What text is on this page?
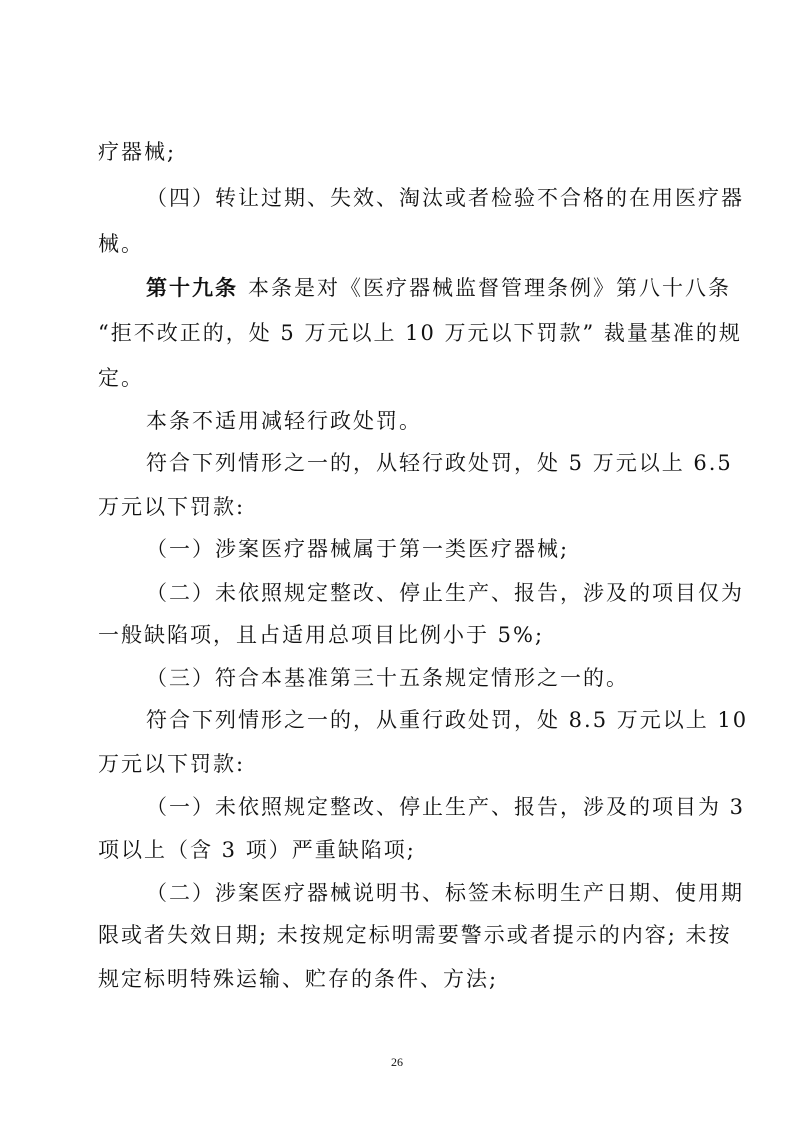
疗器械;
（四）转让过期、失效、淘汰或者检验不合格的在用医疗器
械。
第十九条 本条是对《医疗器械监督管理条例》第八十八条
“拒不改正的，处 5 万元以上 10 万元以下罚款” 裁量基准的规
定。
本条不适用减轻行政处罚。
符合下列情形之一的，从轻行政处罚，处 5 万元以上 6.5
万元以下罚款:
（一）涉案医疗器械属于第一类医疗器械;
（二）未依照规定整改、停止生产、报告，涉及的项目仅为
一般缺陷项，且占适用总项目比例小于 5%;
（三）符合本基准第三十五条规定情形之一的。
符合下列情形之一的，从重行政处罚，处 8.5 万元以上 10
万元以下罚款:
（一）未依照规定整改、停止生产、报告，涉及的项目为 3
项以上（含 3 项）严重缺陷项;
（二）涉案医疗器械说明书、标签未标明生产日期、使用期
限或者失效日期; 未按规定标明需要警示或者提示的内容; 未按
规定标明特殊运输、贮存的条件、方法;
26
